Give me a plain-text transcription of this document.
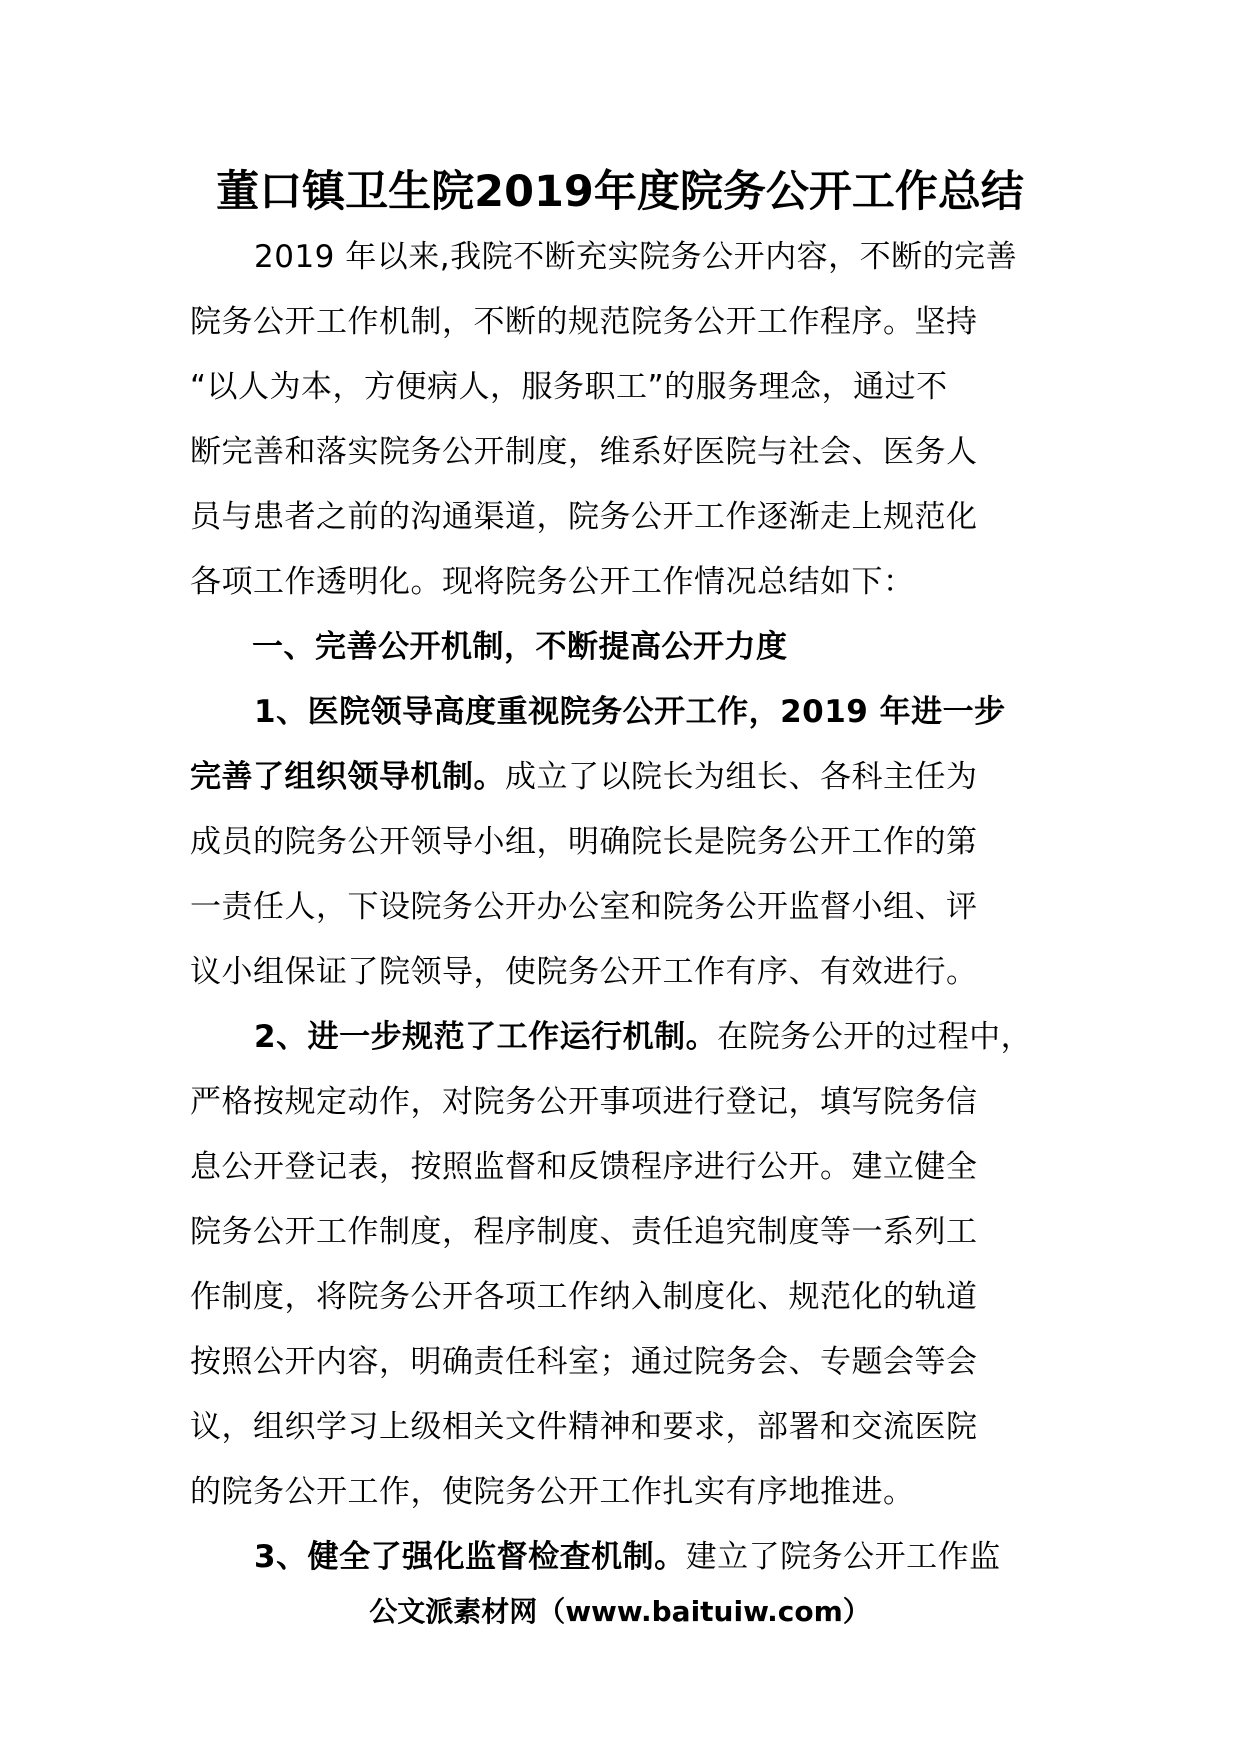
董口镇卫生院2019年度院务公开工作总结
2019 年以来,我院不断充实院务公开内容，不断的完善
院务公开工作机制，不断的规范院务公开工作程序。坚持
“以人为本，方便病人，服务职工”的服务理念，通过不
断完善和落实院务公开制度，维系好医院与社会、医务人
员与患者之前的沟通渠道，院务公开工作逐渐走上规范化
各项工作透明化。现将院务公开工作情况总结如下：
一、完善公开机制，不断提高公开力度
1、医院领导高度重视院务公开工作，2019 年进一步
完善了组织领导机制。成立了以院长为组长、各科主任为
成员的院务公开领导小组，明确院长是院务公开工作的第
一责任人，下设院务公开办公室和院务公开监督小组、评
议小组保证了院领导，使院务公开工作有序、有效进行。
2、进一步规范了工作运行机制。在院务公开的过程中，
严格按规定动作，对院务公开事项进行登记，填写院务信
息公开登记表，按照监督和反馈程序进行公开。建立健全
院务公开工作制度，程序制度、责任追究制度等一系列工
作制度，将院务公开各项工作纳入制度化、规范化的轨道
按照公开内容，明确责任科室；通过院务会、专题会等会
议，组织学习上级相关文件精神和要求，部署和交流医院
的院务公开工作，使院务公开工作扎实有序地推进。
3、健全了强化监督检查机制。建立了院务公开工作监
公文派素材网（www.baituiw.com）
